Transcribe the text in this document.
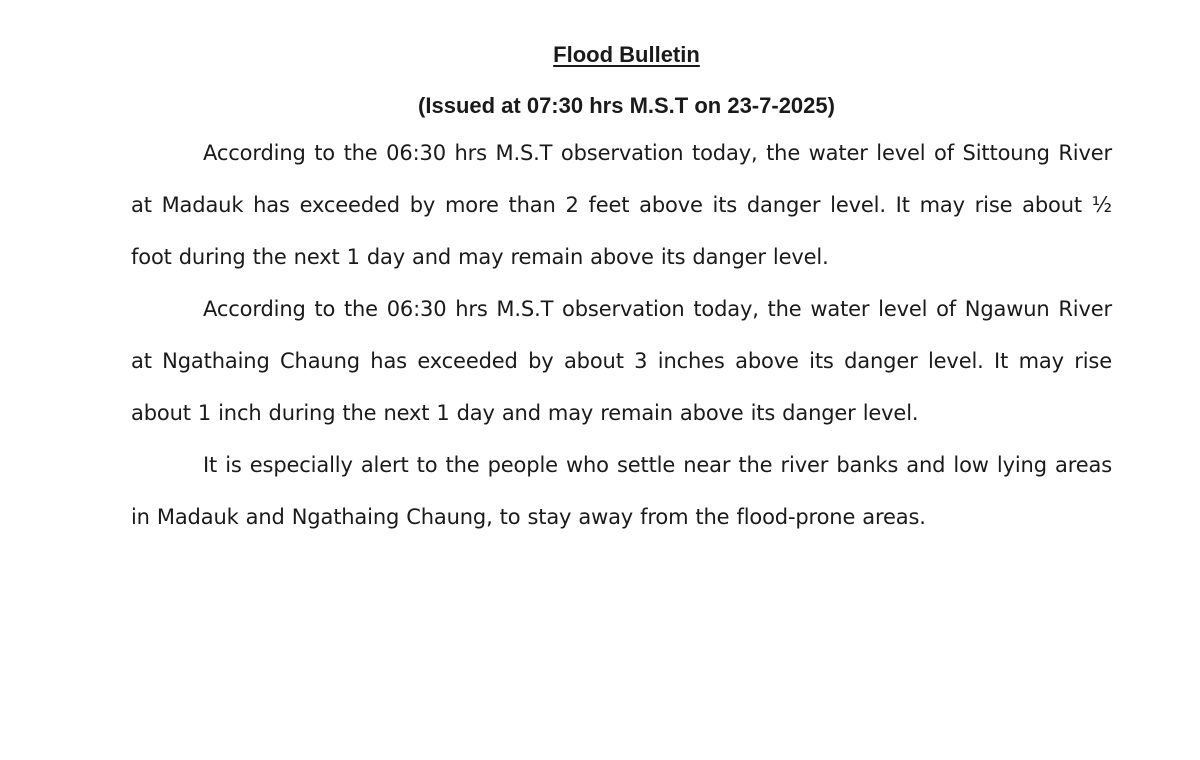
Flood Bulletin

(Issued at 07:30 hrs M.S.T on 23-7-2025)

According to the 06:30 hrs M.S.T observation today, the water level of Sittoung River at Madauk has exceeded by more than 2 feet above its danger level. It may rise about ½ foot during the next 1 day and may remain above its danger level.

According to the 06:30 hrs M.S.T observation today, the water level of Ngawun River at Ngathaing Chaung has exceeded by about 3 inches above its danger level. It may rise about 1 inch during the next 1 day and may remain above its danger level.

It is especially alert to the people who settle near the river banks and low lying areas in Madauk and Ngathaing Chaung, to stay away from the flood-prone areas.
